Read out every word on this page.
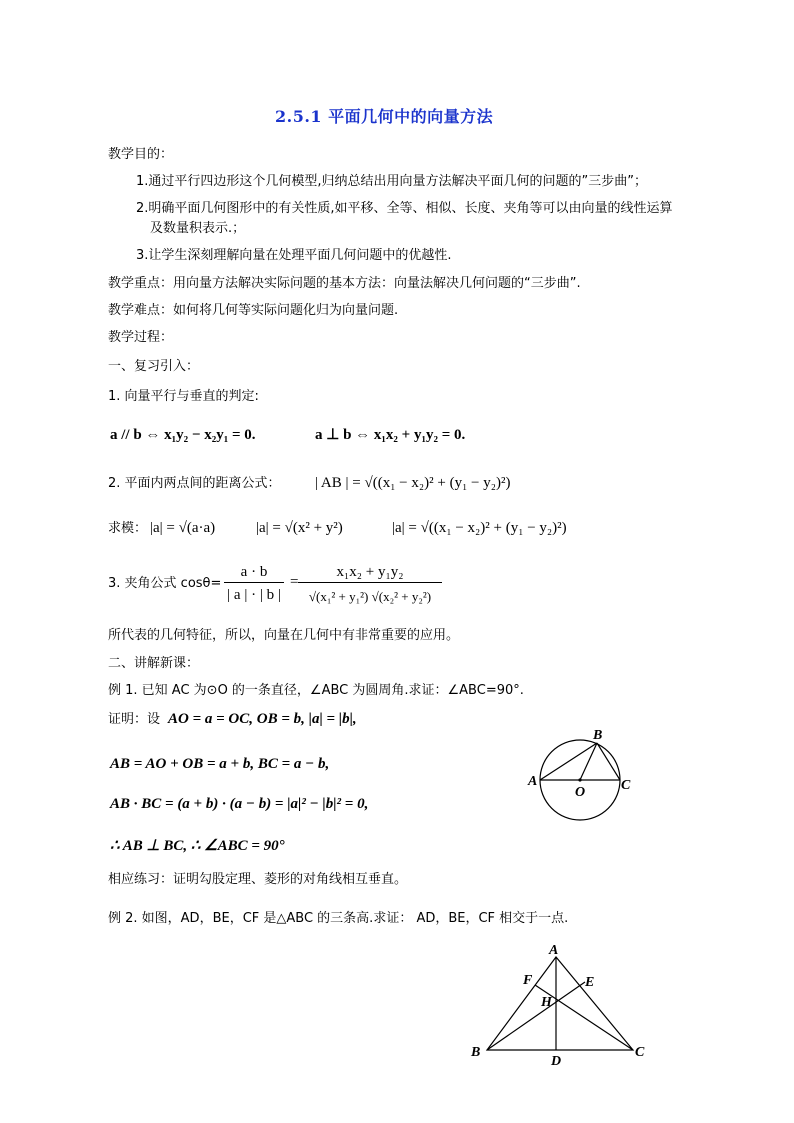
2.5.1 平面几何中的向量方法
教学目的：
1.通过平行四边形这个几何模型,归纳总结出用向量方法解决平面几何的问题的”三步曲”；
2.明确平面几何图形中的有关性质,如平移、全等、相似、长度、夹角等可以由向量的线性运算
及数量积表示.；
3.让学生深刻理解向量在处理平面几何问题中的优越性.
教学重点：用向量方法解决实际问题的基本方法：向量法解决几何问题的“三步曲”.
教学难点：如何将几何等实际问题化归为向量问题.
教学过程：
一、复习引入：
1. 向量平行与垂直的判定:
a // b ⇔ x₁y₂ − x₂y₁ = 0.	a ⊥ b ⇔ x₁x₂ + y₁y₂ = 0.
2. 平面内两点间的距离公式： | AB | = √((x₁ − x₂)² + (y₁ − y₂)²)
求模： |a| = √(a·a)	|a| = √(x² + y²)	|a| = √((x₁ − x₂)² + (y₁ − y₂)²)
3. 夹角公式 cosθ=
a · b
| a | · | b |
=
x₁x₂ + y₁y₂
√(x₁² + y₁²) √(x₂² + y₂²)
所代表的几何特征，所以，向量在几何中有非常重要的应用。
二、讲解新课：
例 1. 已知 AC 为⊙O 的一条直径，∠ABC 为圆周角.求证：∠ABC=90°.
证明：设 AO = a = OC, OB = b, |a| = |b|,
AB = AO + OB = a + b, BC = a − b,
AB · BC = (a + b) · (a − b) = |a|² − |b|² = 0,
∴ AB ⊥ BC, ∴ ∠ABC = 90°
相应练习：证明勾股定理、菱形的对角线相互垂直。
例 2. 如图，AD，BE，CF 是△ABC 的三条高.求证： AD，BE，CF 相交于一点.
A
B
C
O
A
B	C
D
E
F
H
